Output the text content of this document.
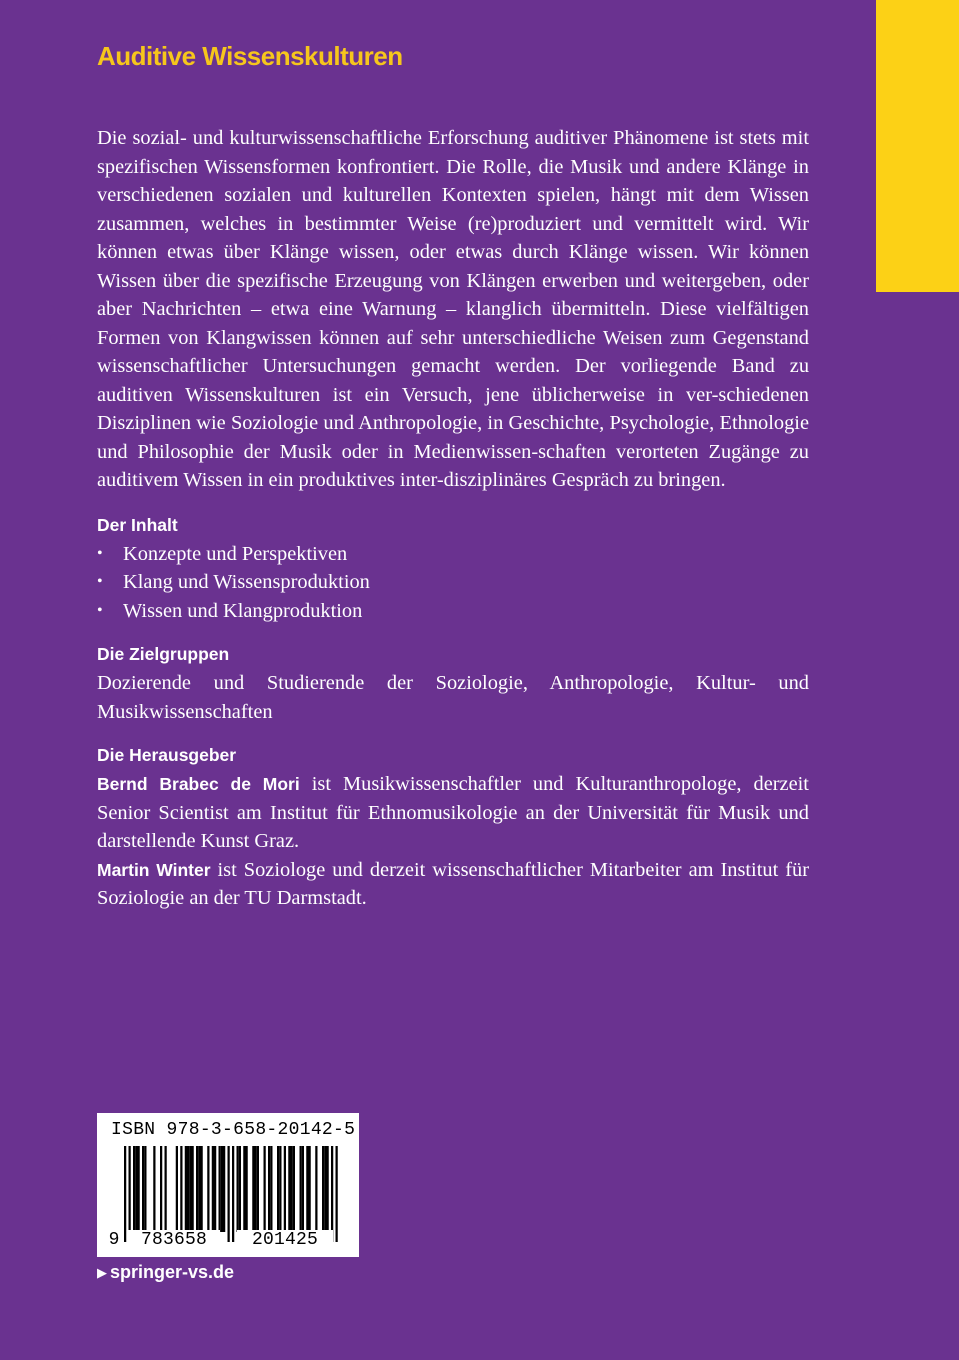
Auditive Wissenskulturen

Die sozial- und kulturwissenschaftliche Erforschung auditiver Phänomene ist stets mit spezifischen Wissensformen konfrontiert. Die Rolle, die Musik und andere Klänge in verschiedenen sozialen und kulturellen Kontexten spielen, hängt mit dem Wissen zusammen, welches in bestimmter Weise (re)produziert und vermittelt wird. Wir können etwas über Klänge wissen, oder etwas durch Klänge wissen. Wir können Wissen über die spezifische Erzeugung von Klängen erwerben und weitergeben, oder aber Nachrichten – etwa eine Warnung – klanglich übermitteln. Diese vielfältigen Formen von Klangwissen können auf sehr unterschiedliche Weisen zum Gegenstand wissenschaftlicher Untersuchungen gemacht werden. Der vorliegende Band zu auditiven Wissenskulturen ist ein Versuch, jene üblicherweise in ver-schiedenen Disziplinen wie Soziologie und Anthropologie, in Geschichte, Psychologie, Ethnologie und Philosophie der Musik oder in Medienwissen-schaften verorteten Zugänge zu auditivem Wissen in ein produktives inter-disziplinäres Gespräch zu bringen.

Der Inhalt
• Konzepte und Perspektiven
• Klang und Wissensproduktion
• Wissen und Klangproduktion
Die Zielgruppen

Dozierende und Studierende der Soziologie, Anthropologie, Kultur- und Musikwissenschaften

Die Herausgeber

Bernd Brabec de Mori ist Musikwissenschaftler und Kulturanthropologe, derzeit Senior Scientist am Institut für Ethnomusikologie an der Universität für Musik und darstellende Kunst Graz.

Martin Winter ist Soziologe und derzeit wissenschaftlicher Mitarbeiter am Institut für Soziologie an der TU Darmstadt.

ISBN 978-3-658-20142-5
9	783658	201425
▶ springer-vs.de
